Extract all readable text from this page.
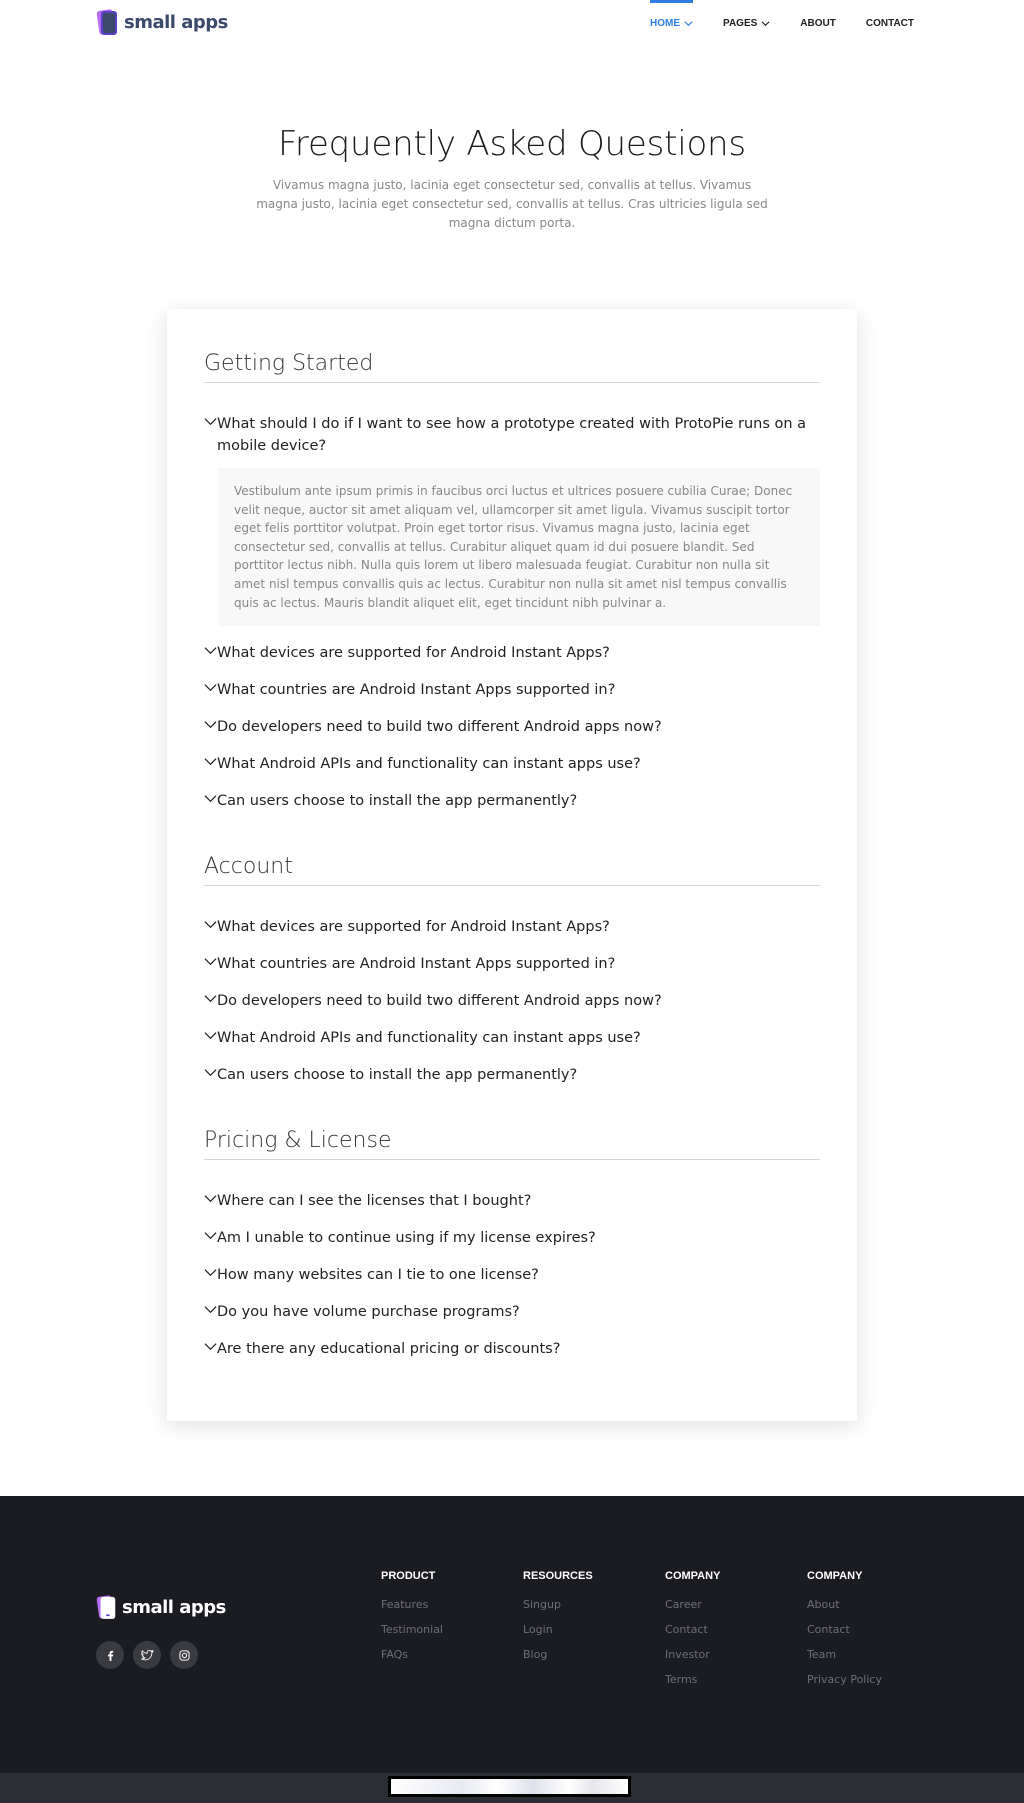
small apps	HOME	PAGES	ABOUT	CONTACT
Frequently Asked Questions

Vivamus magna justo, lacinia eget consectetur sed, convallis at tellus. Vivamus magna justo, lacinia eget consectetur sed, convallis at tellus. Cras ultricies ligula sed magna dictum porta.

Getting Started
What should I do if I want to see how a prototype created with ProtoPie runs on a mobile device?
Vestibulum ante ipsum primis in faucibus orci luctus et ultrices posuere cubilia Curae; Donec velit neque, auctor sit amet aliquam vel, ullamcorper sit amet ligula. Vivamus suscipit tortor eget felis porttitor volutpat. Proin eget tortor risus. Vivamus magna justo, lacinia eget consectetur sed, convallis at tellus. Curabitur aliquet quam id dui posuere blandit. Sed porttitor lectus nibh. Nulla quis lorem ut libero malesuada feugiat. Curabitur non nulla sit amet nisl tempus convallis quis ac lectus. Curabitur non nulla sit amet nisl tempus convallis quis ac lectus. Mauris blandit aliquet elit, eget tincidunt nibh pulvinar a.
What devices are supported for Android Instant Apps?
What countries are Android Instant Apps supported in?
Do developers need to build two different Android apps now?
What Android APIs and functionality can instant apps use?
Can users choose to install the app permanently?
Account
What devices are supported for Android Instant Apps?
What countries are Android Instant Apps supported in?
Do developers need to build two different Android apps now?
What Android APIs and functionality can instant apps use?
Can users choose to install the app permanently?
Pricing & License
Where can I see the licenses that I bought?
Am I unable to continue using if my license expires?
How many websites can I tie to one license?
Do you have volume purchase programs?
Are there any educational pricing or discounts?
small apps
PRODUCT
Features
Testimonial
FAQs
RESOURCES
Singup
Login
Blog
COMPANY
Career
Contact
Investor
Terms
COMPANY
About
Contact
Team
Privacy Policy
